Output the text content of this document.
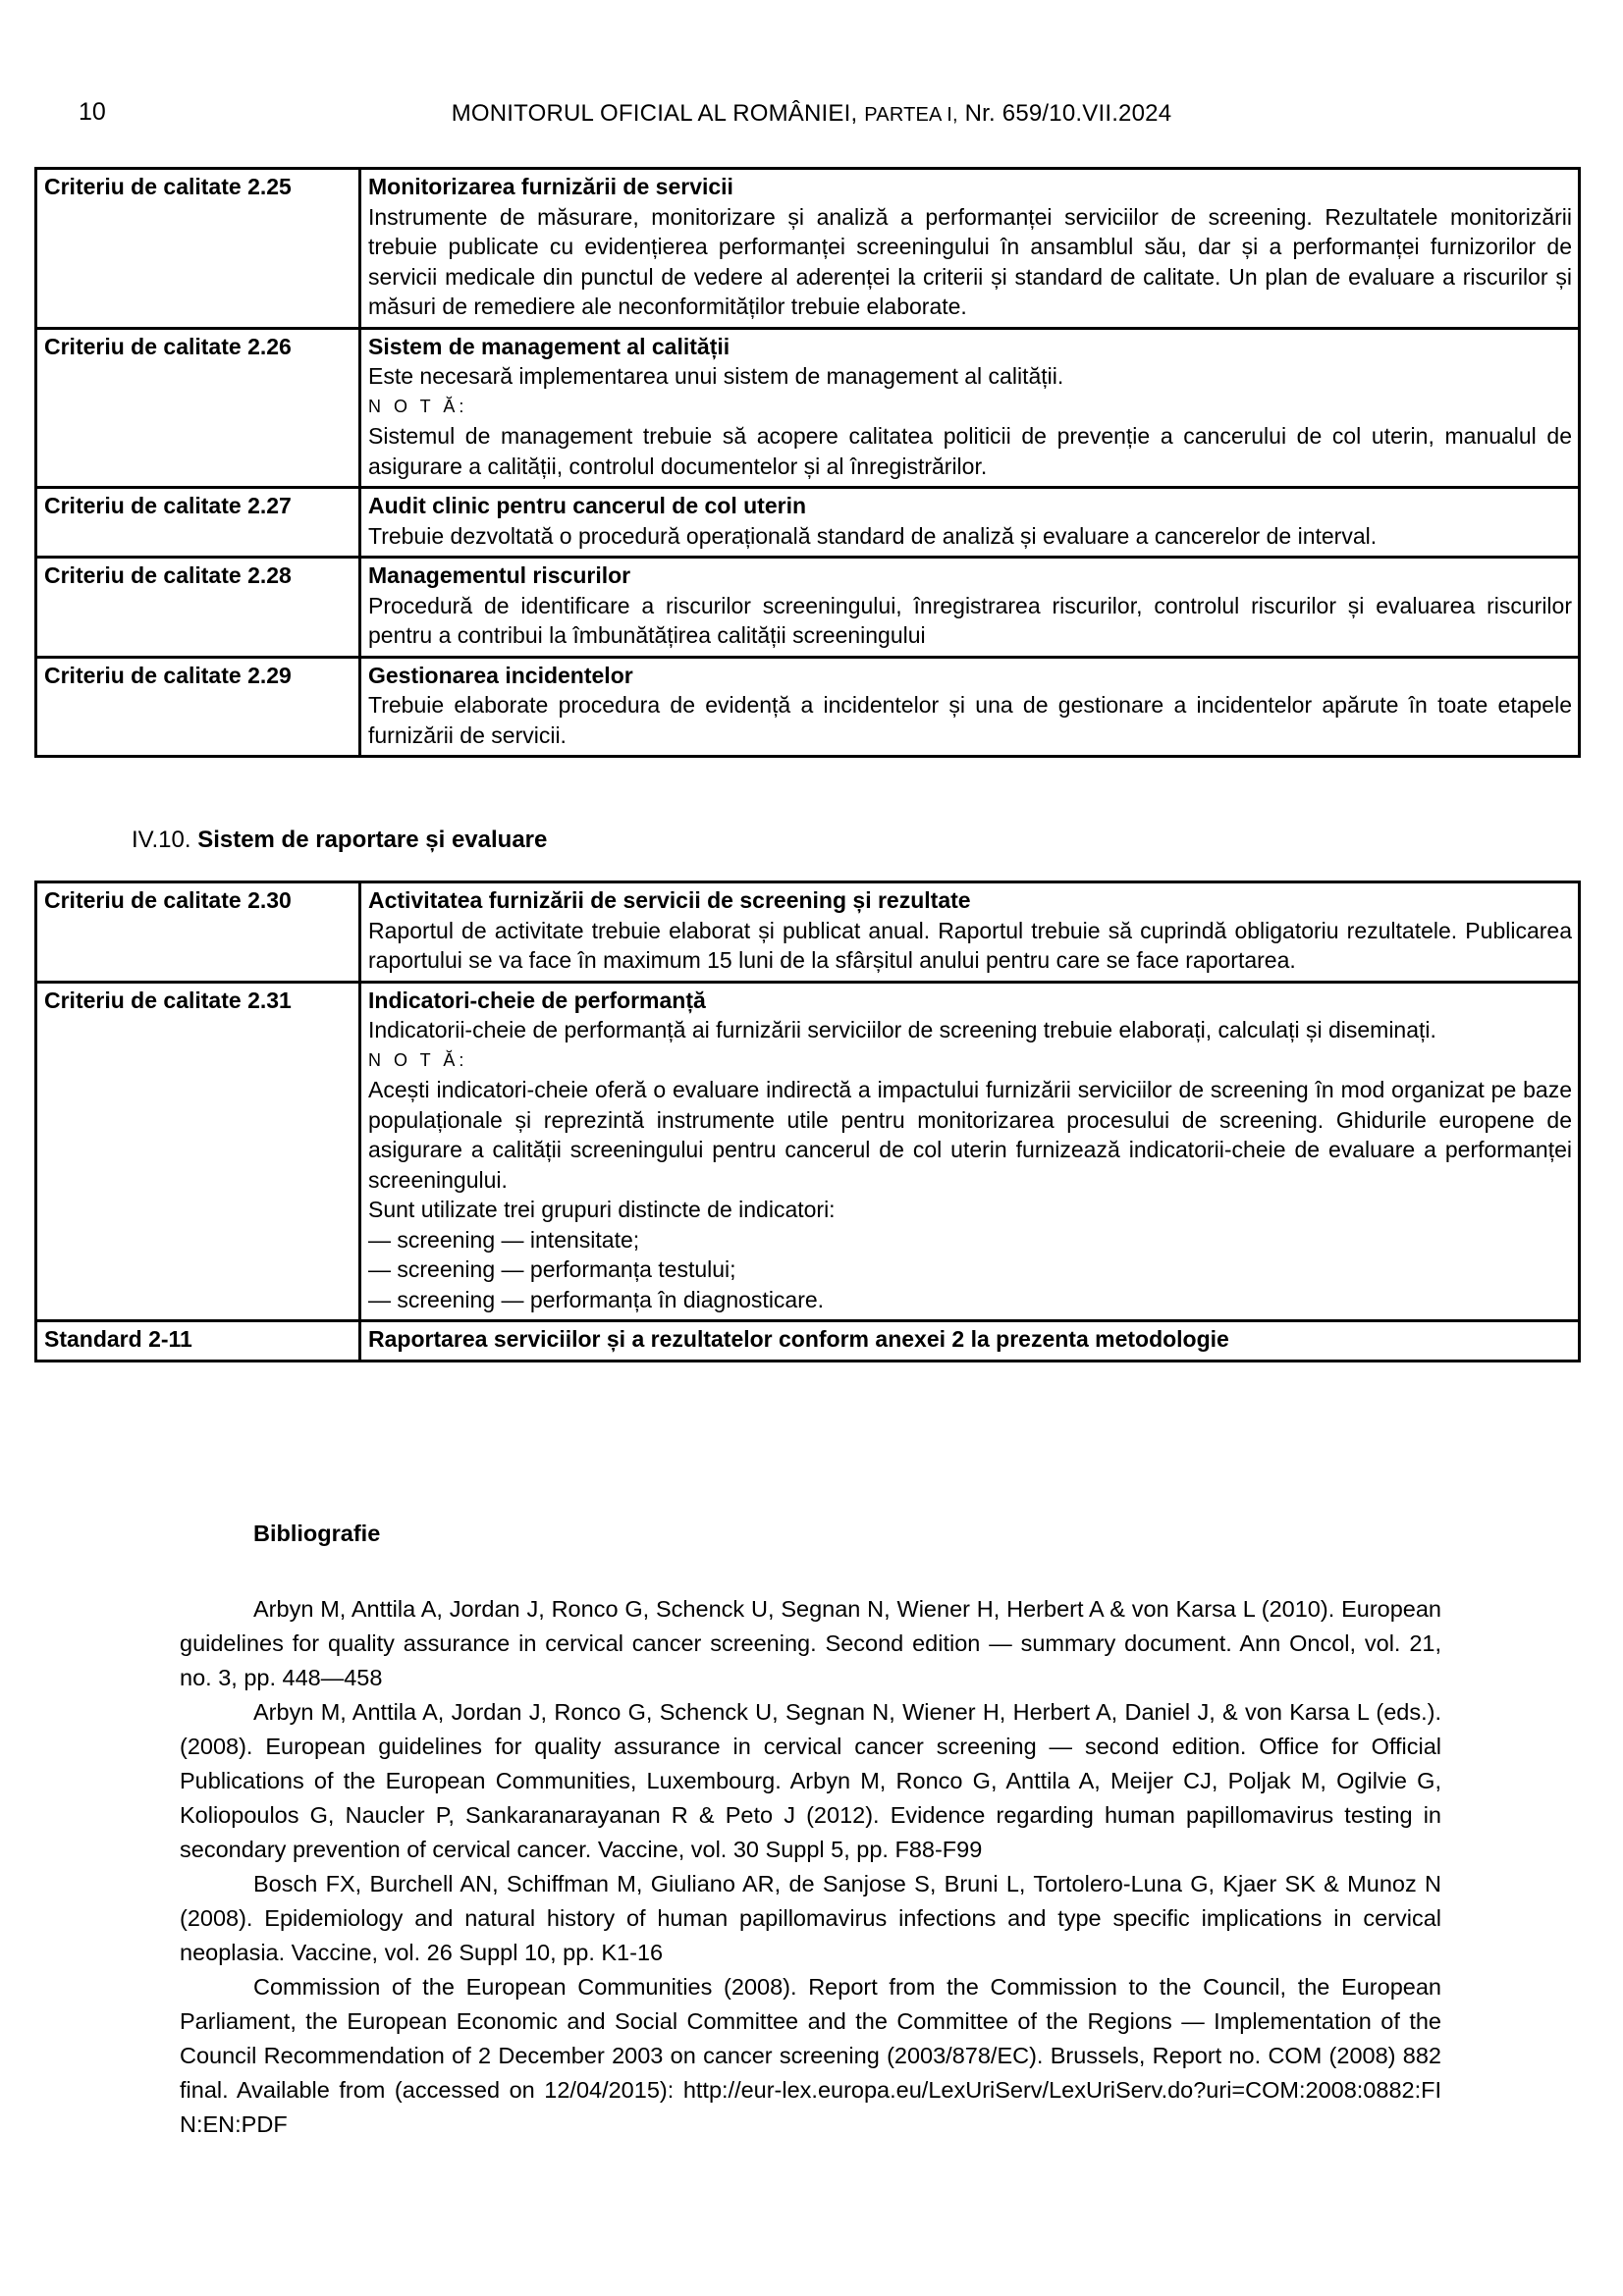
10	MONITORUL OFICIAL AL ROMÂNIEI, PARTEA I, Nr. 659/10.VII.2024
Criteriu de calitate 2.25	Monitorizarea furnizării de servicii
Instrumente de măsurare, monitorizare și analiză a performanței serviciilor de screening. Rezultatele monitorizării trebuie publicate cu evidențierea performanței screeningului în ansamblul său, dar și a performanței furnizorilor de servicii medicale din punctul de vedere al aderenței la criterii și standard de calitate. Un plan de evaluare a riscurilor și măsuri de remediere ale neconformităților trebuie elaborate.

Criteriu de calitate 2.26	Sistem de management al calității
Este necesară implementarea unui sistem de management al calității.
N O T Ă:
Sistemul de management trebuie să acopere calitatea politicii de prevenție a cancerului de col uterin, manualul de asigurare a calității, controlul documentelor și al înregistrărilor.

Criteriu de calitate 2.27	Audit clinic pentru cancerul de col uterin
Trebuie dezvoltată o procedură operațională standard de analiză și evaluare a cancerelor de interval.

Criteriu de calitate 2.28	Managementul riscurilor
Procedură de identificare a riscurilor screeningului, înregistrarea riscurilor, controlul riscurilor și evaluarea riscurilor pentru a contribui la îmbunătățirea calității screeningului

Criteriu de calitate 2.29	Gestionarea incidentelor
Trebuie elaborate procedura de evidență a incidentelor și una de gestionare a incidentelor apărute în toate etapele furnizării de servicii.
IV.10. Sistem de raportare și evaluare
Criteriu de calitate 2.30	Activitatea furnizării de servicii de screening și rezultate
Raportul de activitate trebuie elaborat și publicat anual. Raportul trebuie să cuprindă obligatoriu rezultatele. Publicarea raportului se va face în maximum 15 luni de la sfârșitul anului pentru care se face raportarea.

Criteriu de calitate 2.31	Indicatori-cheie de performanță
Indicatorii-cheie de performanță ai furnizării serviciilor de screening trebuie elaborați, calculați și diseminați.
N O T Ă:
Acești indicatori-cheie oferă o evaluare indirectă a impactului furnizării serviciilor de screening în mod organizat pe baze populaționale și reprezintă instrumente utile pentru monitorizarea procesului de screening. Ghidurile europene de asigurare a calității screeningului pentru cancerul de col uterin furnizează indicatorii-cheie de evaluare a performanței screeningului.
Sunt utilizate trei grupuri distincte de indicatori:
— screening — intensitate;
— screening — performanța testului;
— screening — performanța în diagnosticare.

Standard 2-11	Raportarea serviciilor și a rezultatelor conform anexei 2 la prezenta metodologie
Bibliografie

Arbyn M, Anttila A, Jordan J, Ronco G, Schenck U, Segnan N, Wiener H, Herbert A & von Karsa L (2010). European guidelines for quality assurance in cervical cancer screening. Second edition — summary document. Ann Oncol, vol. 21, no. 3, pp. 448—458

Arbyn M, Anttila A, Jordan J, Ronco G, Schenck U, Segnan N, Wiener H, Herbert A, Daniel J, & von Karsa L (eds.). (2008). European guidelines for quality assurance in cervical cancer screening — second edition. Office for Official Publications of the European Communities, Luxembourg. Arbyn M, Ronco G, Anttila A, Meijer CJ, Poljak M, Ogilvie G, Koliopoulos G, Naucler P, Sankaranarayanan R & Peto J (2012). Evidence regarding human papillomavirus testing in secondary prevention of cervical cancer. Vaccine, vol. 30 Suppl 5, pp. F88-F99

Bosch FX, Burchell AN, Schiffman M, Giuliano AR, de Sanjose S, Bruni L, Tortolero-Luna G, Kjaer SK & Munoz N (2008). Epidemiology and natural history of human papillomavirus infections and type specific implications in cervical neoplasia. Vaccine, vol. 26 Suppl 10, pp. K1-16

Commission of the European Communities (2008). Report from the Commission to the Council, the European Parliament, the European Economic and Social Committee and the Committee of the Regions — Implementation of the Council Recommendation of 2 December 2003 on cancer screening (2003/878/EC). Brussels, Report no. COM (2008) 882 final. Available from (accessed on 12/04/2015): http://eur-lex.europa.eu/LexUriServ/LexUriServ.do?uri=COM:2008:0882:FIN:EN:PDF
